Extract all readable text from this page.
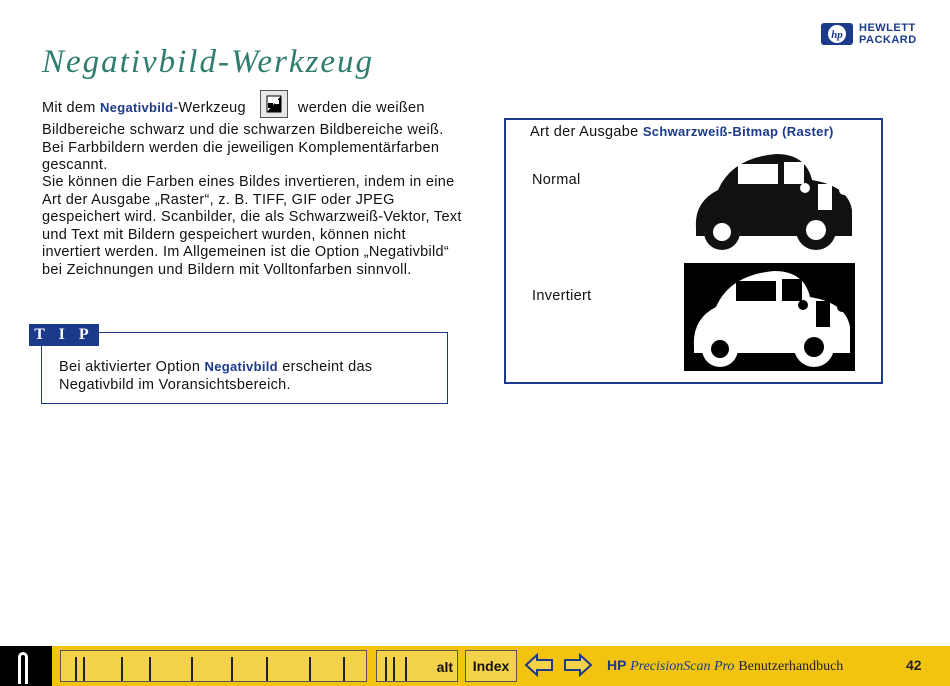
Negativbild-Werkzeug
hp
HEWLETT
PACKARD

Mit dem Negativbild-Werkzeug	werden die weißen Bildbereiche schwarz und die schwarzen Bildbereiche weiß. Bei Farbbildern werden die jeweiligen Komplementärfarben gescannt.

Sie können die Farben eines Bildes invertieren, indem in eine Art der Ausgabe „Raster“, z. B. TIFF, GIF oder JPEG gespeichert wird. Scanbilder, die als Schwarzweiß-Vektor, Text und Text mit Bildern gespeichert wurden, können nicht invertiert werden. Im Allgemeinen ist die Option „Negativbild“ bei Zeichnungen und Bildern mit Volltonfarben sinnvoll.

T I P

Bei aktivierter Option Negativbild erscheint das Negativbild im Voransichtsbereich.

Art der Ausgabe Schwarzweiß-Bitmap (Raster)
Normal
Invertiert
alt	Index	HP PrecisionScan Pro Benutzerhandbuch	42
